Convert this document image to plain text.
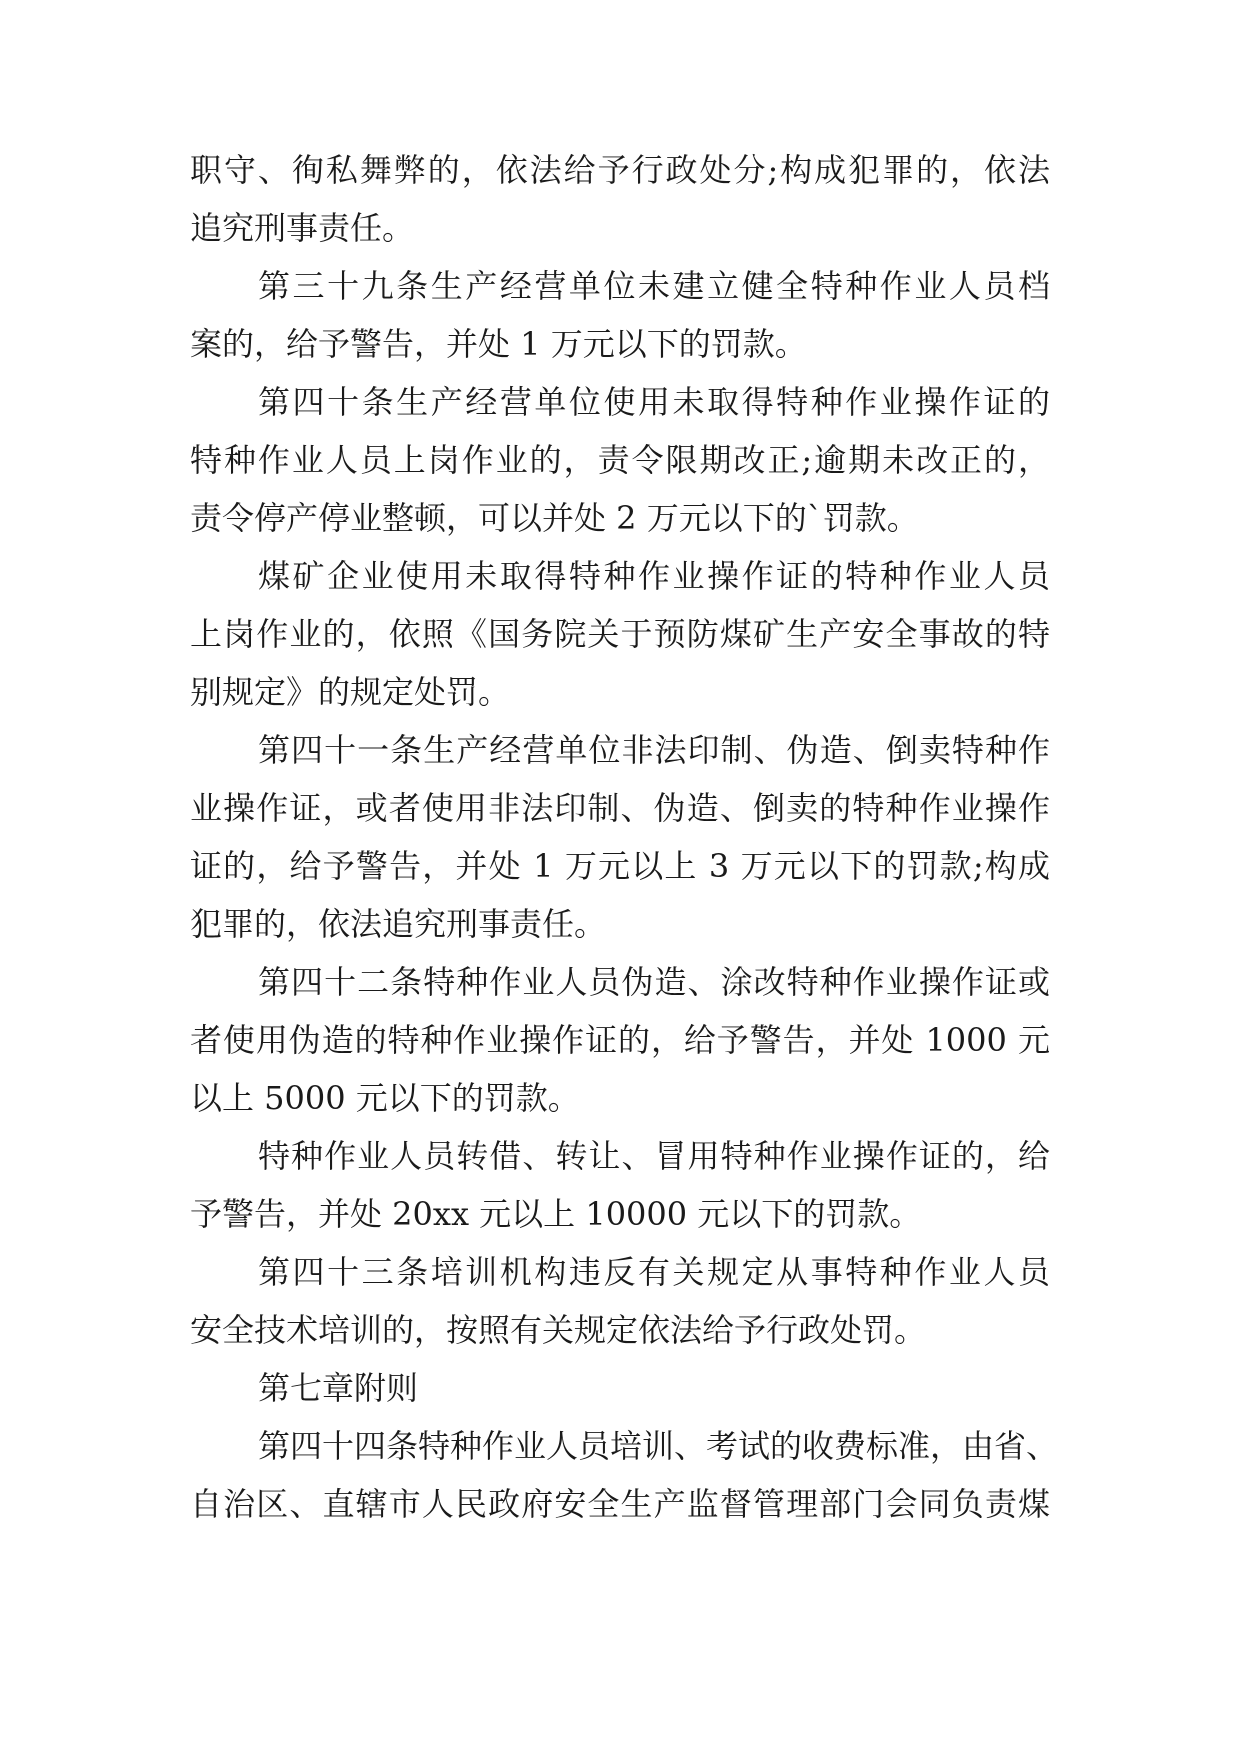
职守、徇私舞弊的，依法给予行政处分;构成犯罪的，依法
追究刑事责任。
第三十九条生产经营单位未建立健全特种作业人员档
案的，给予警告，并处 1 万元以下的罚款。
第四十条生产经营单位使用未取得特种作业操作证的
特种作业人员上岗作业的，责令限期改正;逾期未改正的，
责令停产停业整顿，可以并处 2 万元以下的`罚款。
煤矿企业使用未取得特种作业操作证的特种作业人员
上岗作业的，依照《国务院关于预防煤矿生产安全事故的特
别规定》的规定处罚。
第四十一条生产经营单位非法印制、伪造、倒卖特种作
业操作证，或者使用非法印制、伪造、倒卖的特种作业操作
证的，给予警告，并处 1 万元以上 3 万元以下的罚款;构成
犯罪的，依法追究刑事责任。
第四十二条特种作业人员伪造、涂改特种作业操作证或
者使用伪造的特种作业操作证的，给予警告，并处 1000 元
以上 5000 元以下的罚款。
特种作业人员转借、转让、冒用特种作业操作证的，给
予警告，并处 20xx 元以上 10000 元以下的罚款。
第四十三条培训机构违反有关规定从事特种作业人员
安全技术培训的，按照有关规定依法给予行政处罚。
第七章附则
第四十四条特种作业人员培训、考试的收费标准，由省、
自治区、直辖市人民政府安全生产监督管理部门会同负责煤
